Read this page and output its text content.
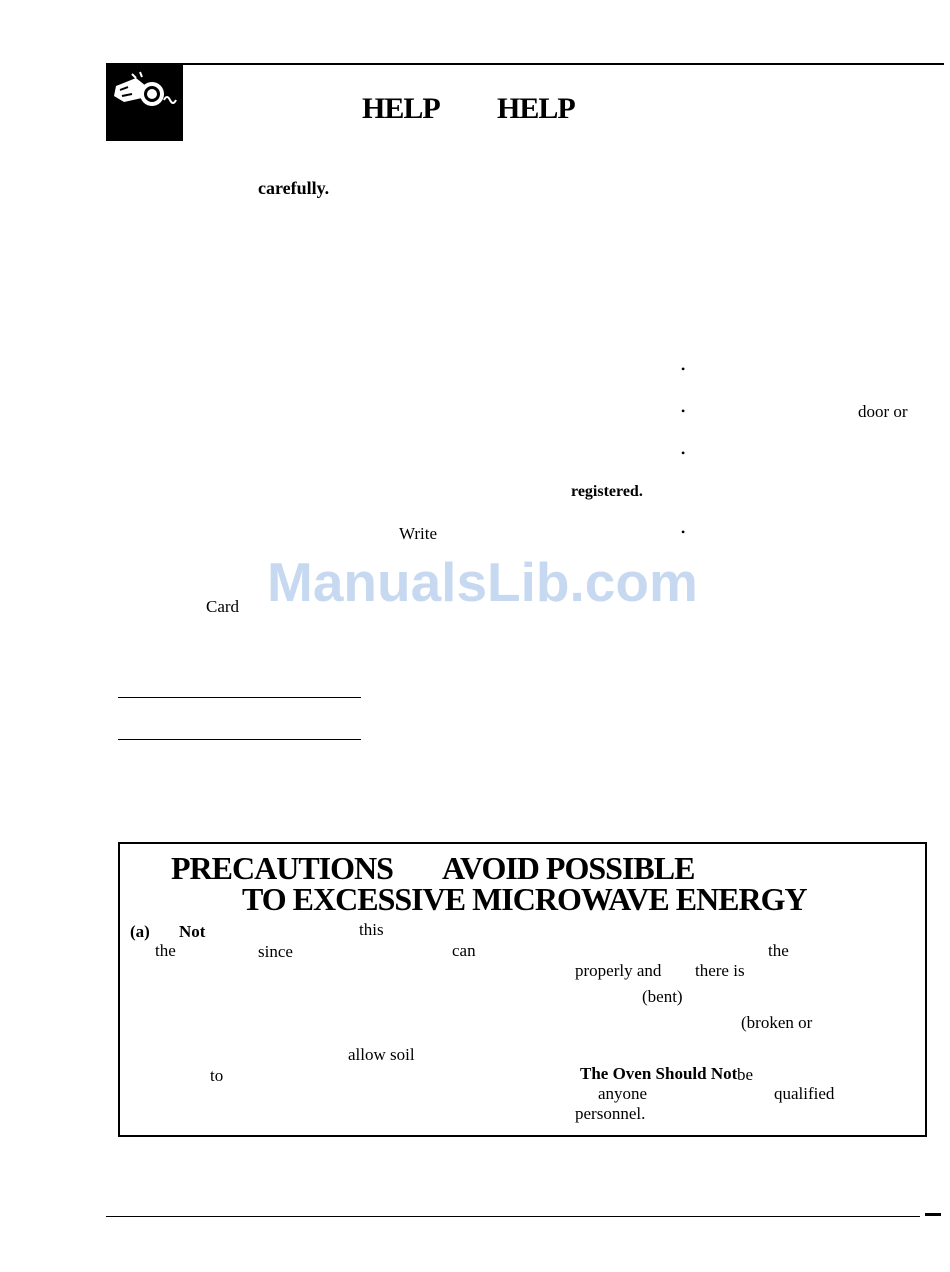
HELP HELP
carefully.
•
•	door or
•
•
registered.
Write
Card ManualsLib.com
PRECAUTIONS AVOID POSSIBLE
TO EXCESSIVE MICROWAVE ENERGY
(a) Not	this
the	since	can	the
properly and there is
(bent)
(broken or
allow soil
to	The Oven Should Not be
anyone	qualified
personnel.
